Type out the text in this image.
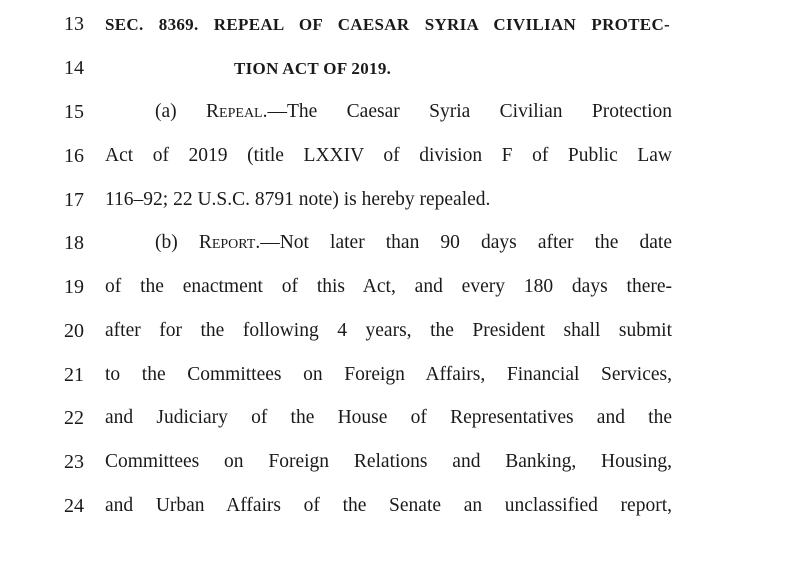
13	SEC. 8369. REPEAL OF CAESAR SYRIA CIVILIAN PROTEC-
14	TION ACT OF 2019.
15	(a) Repeal.—The Caesar Syria Civilian Protection
16	Act of 2019 (title LXXIV of division F of Public Law
17	116–92; 22 U.S.C. 8791 note) is hereby repealed.
18	(b) Report.—Not later than 90 days after the date
19	of the enactment of this Act, and every 180 days there-
20	after for the following 4 years, the President shall submit
21	to the Committees on Foreign Affairs, Financial Services,
22	and Judiciary of the House of Representatives and the
23	Committees on Foreign Relations and Banking, Housing,
24	and Urban Affairs of the Senate an unclassified report,
